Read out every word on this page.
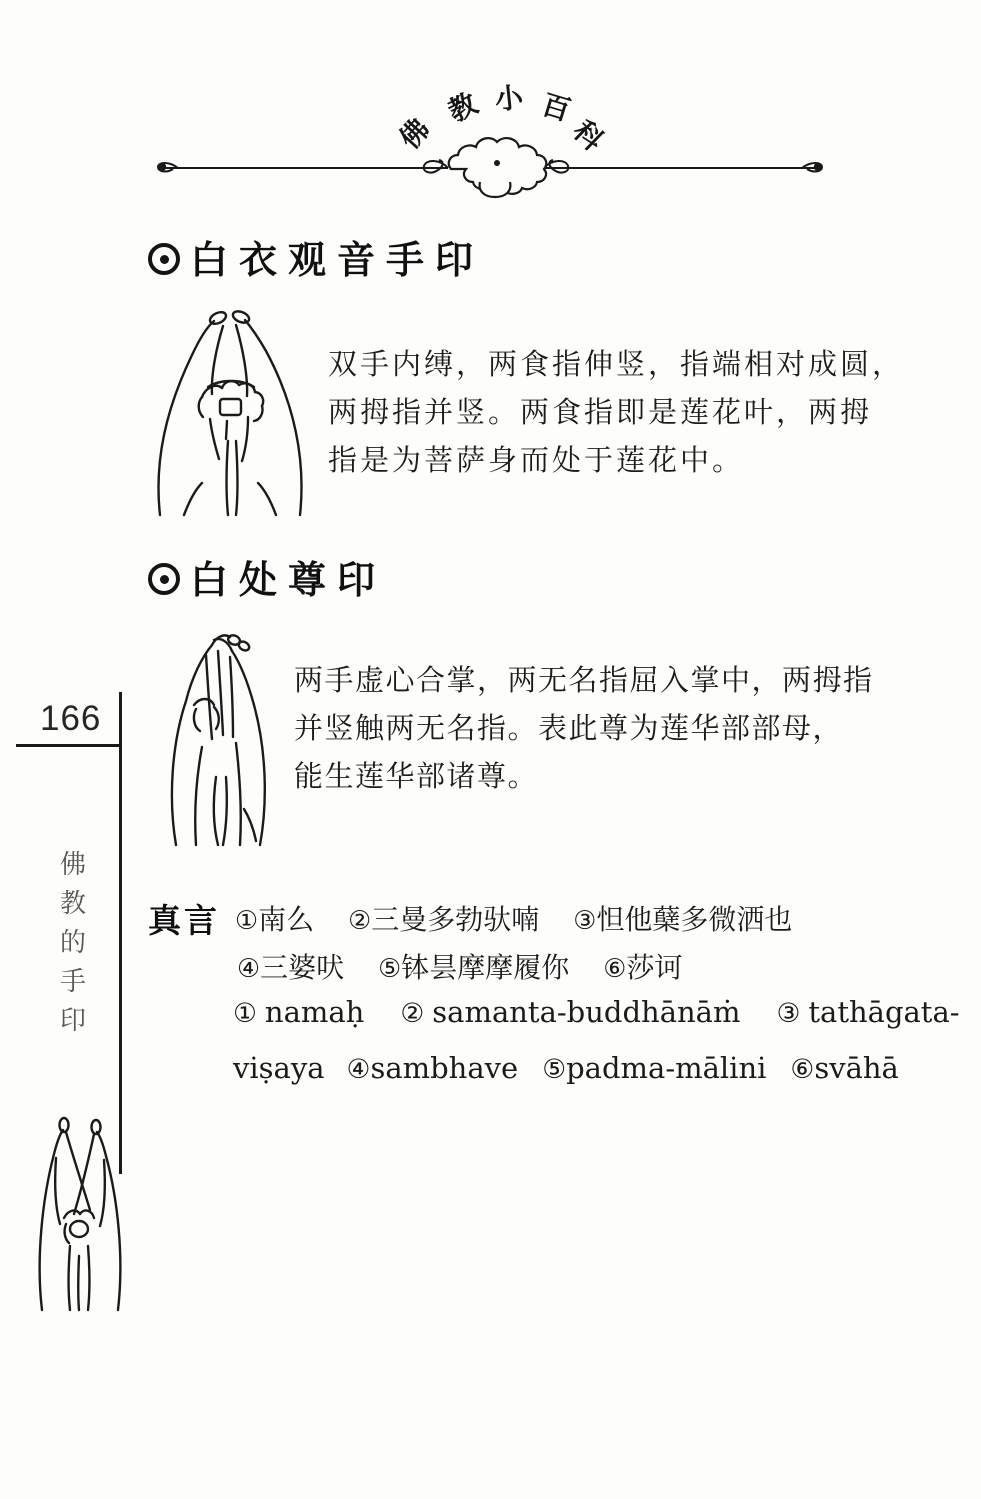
佛
教 小 百
科
白衣观音手印
双手内缚，两食指伸竖，指端相对成圆，
两拇指并竖。两食指即是莲花叶，两拇
指是为菩萨身而处于莲花中。
白处尊印
两手虚心合掌，两无名指屈入掌中，两拇指
并竖触两无名指。表此尊为莲华部部母，
能生莲华部诸尊。
真言 ①南么 ②三曼多勃驮喃 ③怛他蘖多微洒也
④三婆吠 ⑤钵昙摩摩履你 ⑥莎诃
① namaḥ ② samanta-buddhānāṁ ③ tathāgata-
viṣaya ④sambhave ⑤padma-mālini ⑥svāhā
166
佛
教
的
手
印
